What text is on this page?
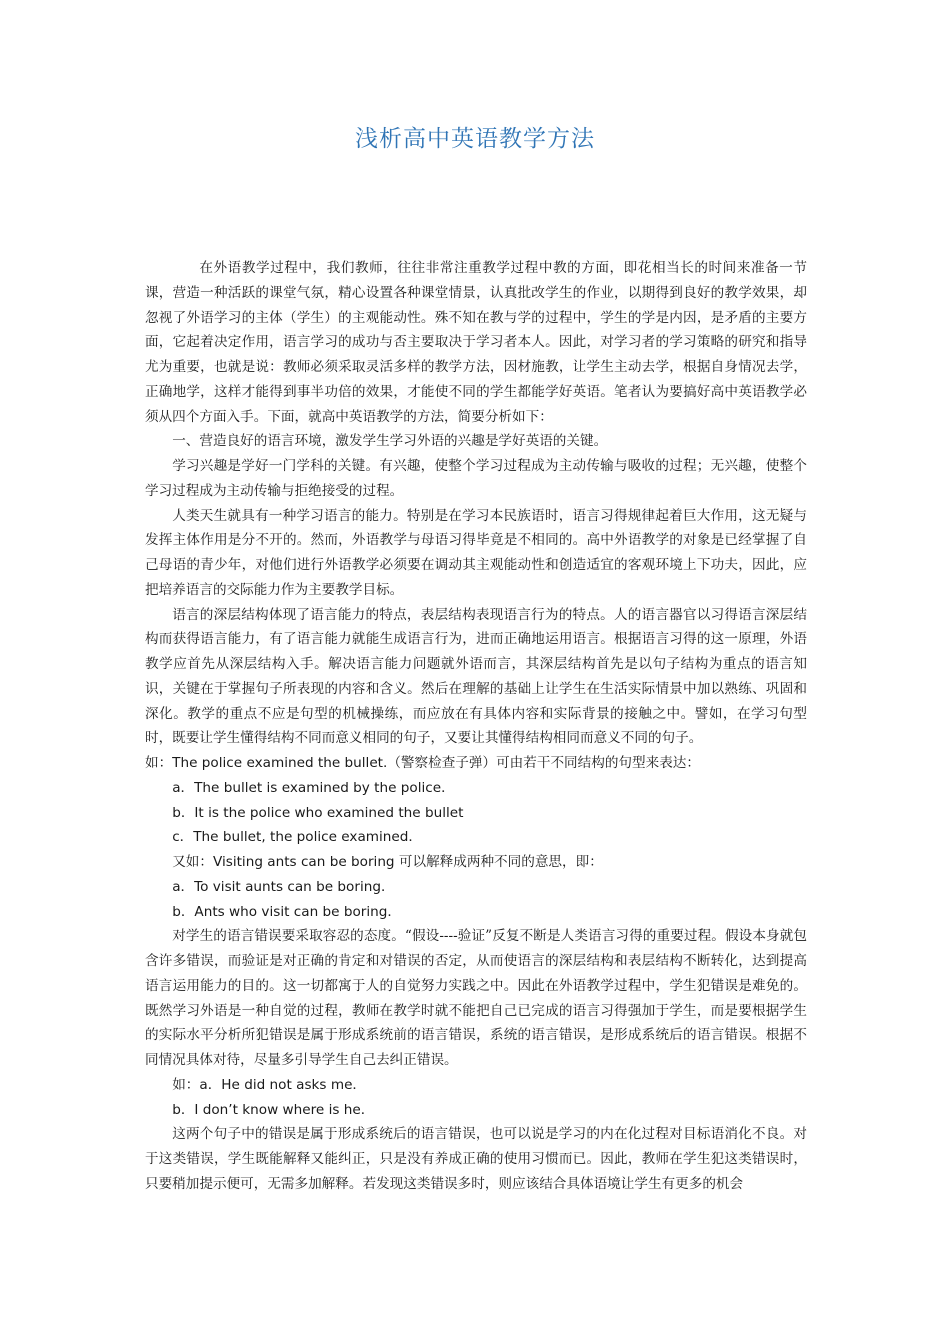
浅析高中英语教学方法

在外语教学过程中，我们教师，往往非常注重教学过程中教的方面，即花相当长的时间来准备一节课，营造一种活跃的课堂气氛，精心设置各种课堂情景，认真批改学生的作业，以期得到良好的教学效果，却忽视了外语学习的主体（学生）的主观能动性。殊不知在教与学的过程中，学生的学是内因，是矛盾的主要方面，它起着决定作用，语言学习的成功与否主要取决于学习者本人。因此，对学习者的学习策略的研究和指导尤为重要，也就是说：教师必须采取灵活多样的教学方法，因材施教，让学生主动去学，根据自身情况去学，正确地学，这样才能得到事半功倍的效果，才能使不同的学生都能学好英语。笔者认为要搞好高中英语教学必须从四个方面入手。下面，就高中英语教学的方法，简要分析如下：

一、营造良好的语言环境，激发学生学习外语的兴趣是学好英语的关键。

学习兴趣是学好一门学科的关键。有兴趣，使整个学习过程成为主动传输与吸收的过程；无兴趣，使整个学习过程成为主动传输与拒绝接受的过程。

人类天生就具有一种学习语言的能力。特别是在学习本民族语时，语言习得规律起着巨大作用，这无疑与发挥主体作用是分不开的。然而，外语教学与母语习得毕竟是不相同的。高中外语教学的对象是已经掌握了自己母语的青少年，对他们进行外语教学必须要在调动其主观能动性和创造适宜的客观环境上下功夫，因此，应把培养语言的交际能力作为主要教学目标。

语言的深层结构体现了语言能力的特点，表层结构表现语言行为的特点。人的语言器官以习得语言深层结构而获得语言能力，有了语言能力就能生成语言行为，进而正确地运用语言。根据语言习得的这一原理，外语教学应首先从深层结构入手。解决语言能力问题就外语而言，其深层结构首先是以句子结构为重点的语言知识，关键在于掌握句子所表现的内容和含义。然后在理解的基础上让学生在生活实际情景中加以熟练、巩固和深化。教学的重点不应是句型的机械操练，而应放在有具体内容和实际背景的接触之中。譬如，在学习句型时，既要让学生懂得结构不同而意义相同的句子，又要让其懂得结构相同而意义不同的句子。

如：The police examined the bullet.（警察检查子弹）可由若干不同结构的句型来表达：

a．The bullet is examined by the police．

b．It is the police who examined the bullet

c．The bullet, the police examined．

又如：Visiting ants can be boring 可以解释成两种不同的意思，即：

a．To visit aunts can be boring．

b．Ants who visit can be boring．

对学生的语言错误要采取容忍的态度。“假设----验证”反复不断是人类语言习得的重要过程。假设本身就包含许多错误，而验证是对正确的肯定和对错误的否定，从而使语言的深层结构和表层结构不断转化，达到提高语言运用能力的目的。这一切都寓于人的自觉努力实践之中。因此在外语教学过程中，学生犯错误是难免的。既然学习外语是一种自觉的过程，教师在教学时就不能把自己已完成的语言习得强加于学生，而是要根据学生的实际水平分析所犯错误是属于形成系统前的语言错误，系统的语言错误，是形成系统后的语言错误。根据不同情况具体对待，尽量多引导学生自己去纠正错误。

如：a．He did not asks me．

b．I don’t know where is he．

这两个句子中的错误是属于形成系统后的语言错误，也可以说是学习的内在化过程对目标语消化不良。对于这类错误，学生既能解释又能纠正，只是没有养成正确的使用习惯而已。因此，教师在学生犯这类错误时，只要稍加提示便可，无需多加解释。若发现这类错误多时，则应该结合具体语境让学生有更多的机会
